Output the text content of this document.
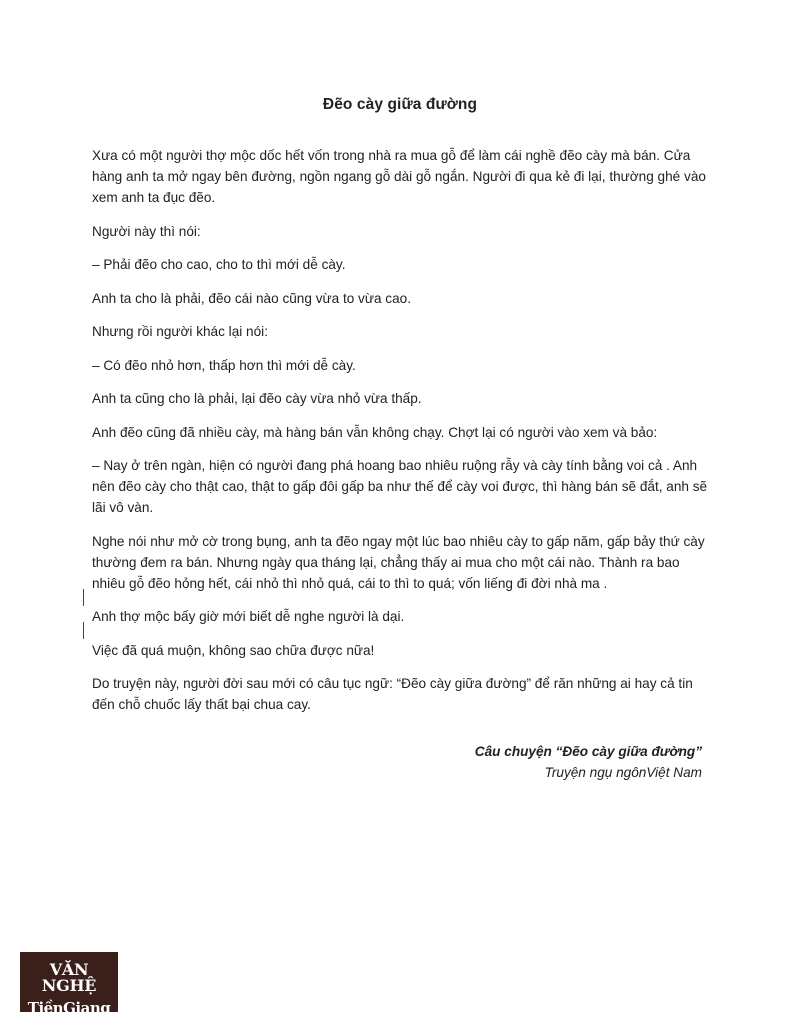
Đẽo cày giữa đường

Xưa có một người thợ mộc dốc hết vốn trong nhà ra mua gỗ để làm cái nghề đẽo cày mà bán. Cửa hàng anh ta mở ngay bên đường, ngồn ngang gỗ dài gỗ ngắn. Người đi qua kẻ đi lại, thường ghé vào xem anh ta đục đẽo.

Người này thì nói:

– Phải đẽo cho cao, cho to thì mới dễ cày.

Anh ta cho là phải, đẽo cái nào cũng vừa to vừa cao.

Nhưng rồi người khác lại nói:

– Có đẽo nhỏ hơn, thấp hơn thì mới dễ cày.

Anh ta cũng cho là phải, lại đẽo cày vừa nhỏ vừa thấp.

Anh đẽo cũng đã nhiều cày, mà hàng bán vẫn không chạy. Chợt lại có người vào xem và bảo:

– Nay ở trên ngàn, hiện có người đang phá hoang bao nhiêu ruộng rẫy và cày tính bằng voi cả . Anh nên đẽo cày cho thật cao, thật to gấp đôi gấp ba như thế để cày voi được, thì hàng bán sẽ đắt, anh sẽ lãi vô vàn.

Nghe nói như mở cờ trong bụng, anh ta đẽo ngay một lúc bao nhiêu cày to gấp năm, gấp bảy thứ cày thường đem ra bán. Nhưng ngày qua tháng lại, chẳng thấy ai mua cho một cái nào. Thành ra bao nhiêu gỗ đẽo hỏng hết, cái nhỏ thì nhỏ quá, cái to thì to quá; vốn liếng đi đời nhà ma .

Anh thợ mộc bấy giờ mới biết dễ nghe người là dại.

Việc đã quá muộn, không sao chữa được nữa!

Do truyện này, người đời sau mới có câu tục ngữ: “Đẽo cày giữa đường” để răn những ai hay cả tin đến chỗ chuốc lấy thất bại chua cay.

Câu chuyện “Đẽo cày giữa đường”
Truyện ngụ ngônViệt Nam
VĂN NGHỆ
TiềnGiang
